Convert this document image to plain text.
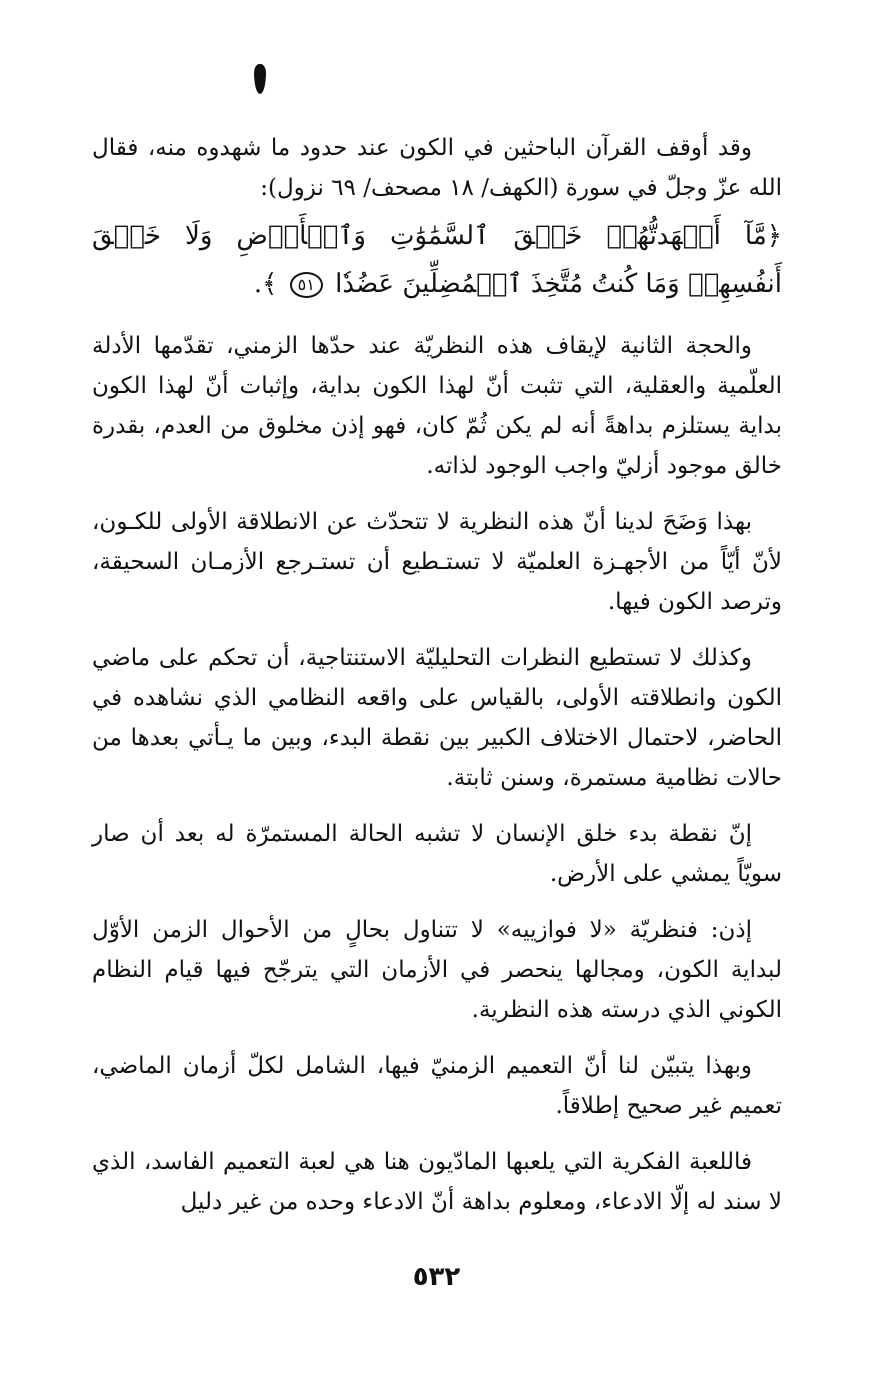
وقد أوقف القرآن الباحثين في الكون عند حدود ما شهدوه منه، فقال الله عزّ وجلّ في سورة (الكهف/ ١٨ مصحف/ ٦٩ نزول):

﴿مَّآ أَشۡهَدتُّهُمۡ خَلۡقَ ٱلسَّمَٰوَٰتِ وَٱلۡأَرۡضِ وَلَا خَلۡقَ أَنفُسِهِمۡ وَمَا كُنتُ مُتَّخِذَ ٱلۡمُضِلِّينَ عَضُدٗا ٥١ ﴾.

والحجة الثانية لإيقاف هذه النظريّة عند حدّها الزمني، تقدّمها الأدلة العلّمية والعقلية، التي تثبت أنّ لهذا الكون بداية، وإثبات أنّ لهذا الكون بداية يستلزم بداهةً أنه لم يكن ثُمّ كان، فهو إذن مخلوق من العدم، بقدرة خالق موجود أزليّ واجب الوجود لذاته.

بهذا وَضَحَ لدينا أنّ هذه النظرية لا تتحدّث عن الانطلاقة الأولى للكـون، لأنّ أيّاً من الأجهـزة العلميّة لا تستـطيع أن تستـرجع الأزمـان السحيقة، وترصد الكون فيها.

وكذلك لا تستطيع النظرات التحليليّة الاستنتاجية، أن تحكم على ماضي الكون وانطلاقته الأولى، بالقياس على واقعه النظامي الذي نشاهده في الحاضر، لاحتمال الاختلاف الكبير بين نقطة البدء، وبين ما يـأتي بعدها من حالات نظامية مستمرة، وسنن ثابتة.

إنّ نقطة بدء خلق الإنسان لا تشبه الحالة المستمرّة له بعد أن صار سويّاً يمشي على الأرض.

إذن: فنظريّة «لا فوازييه» لا تتناول بحالٍ من الأحوال الزمن الأوّل لبداية الكون، ومجالها ينحصر في الأزمان التي يترجّح فيها قيام النظام الكوني الذي درسته هذه النظرية.

وبهذا يتبيّن لنا أنّ التعميم الزمنيّ فيها، الشامل لكلّ أزمان الماضي، تعميم غير صحيح إطلاقاً.

فاللعبة الفكرية التي يلعبها المادّيون هنا هي لعبة التعميم الفاسد، الذي لا سند له إلّا الادعاء، ومعلوم بداهة أنّ الادعاء وحده من غير دليل

٥٣٢
